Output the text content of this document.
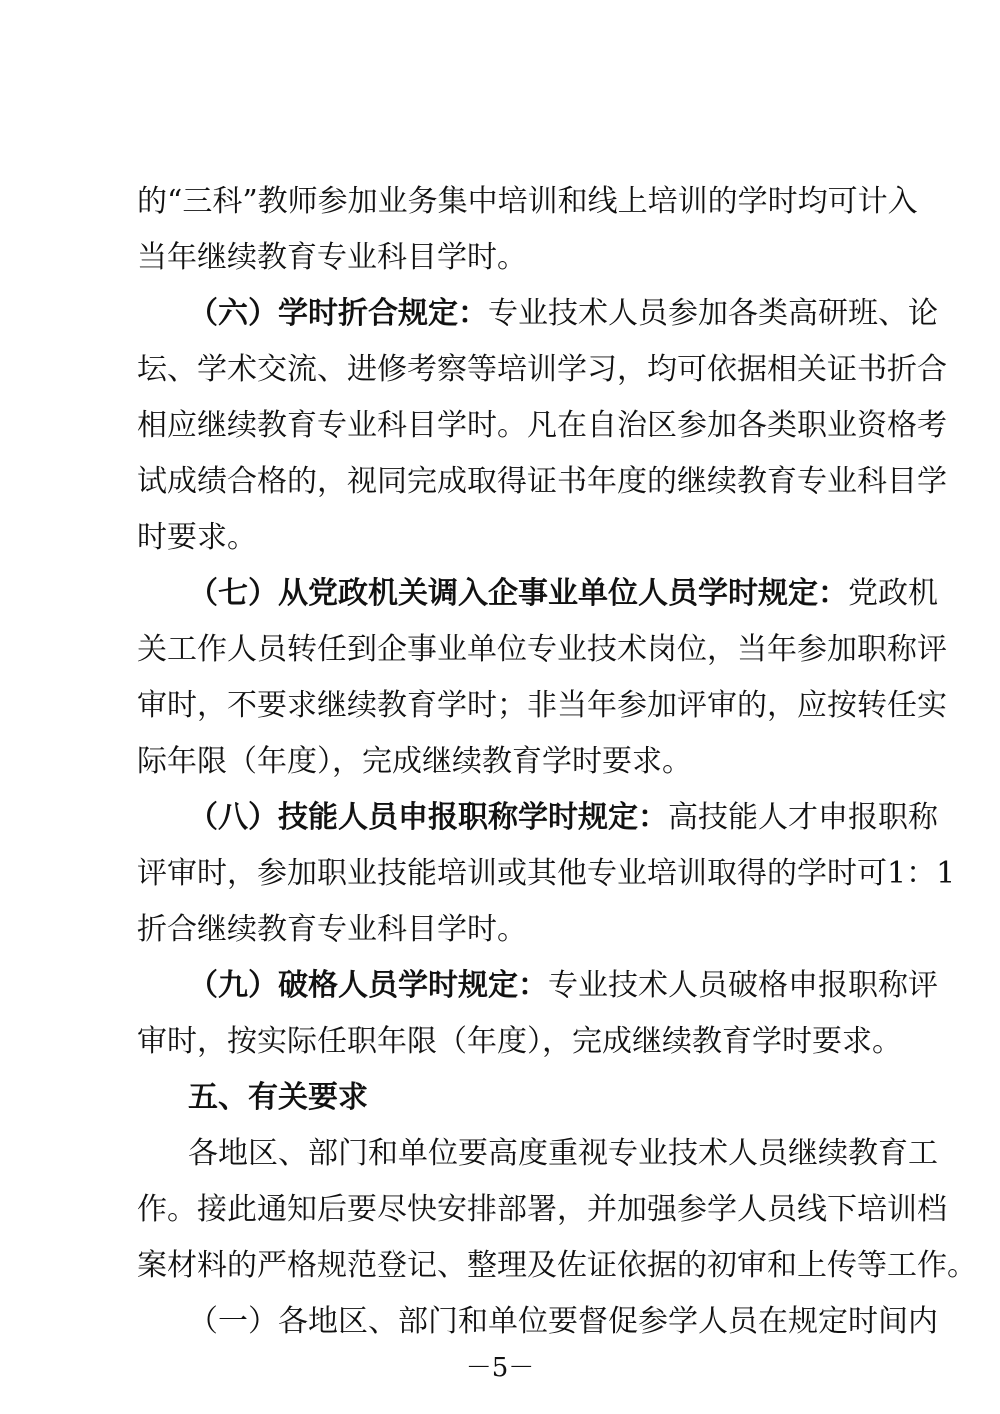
的“三科”教师参加业务集中培训和线上培训的学时均可计入
当年继续教育专业科目学时。
（六）学时折合规定：专业技术人员参加各类高研班、论
坛、学术交流、进修考察等培训学习，均可依据相关证书折合
相应继续教育专业科目学时。凡在自治区参加各类职业资格考
试成绩合格的，视同完成取得证书年度的继续教育专业科目学
时要求。
（七）从党政机关调入企事业单位人员学时规定：党政机
关工作人员转任到企事业单位专业技术岗位，当年参加职称评
审时，不要求继续教育学时；非当年参加评审的，应按转任实
际年限（年度），完成继续教育学时要求。
（八）技能人员申报职称学时规定：高技能人才申报职称
评审时，参加职业技能培训或其他专业培训取得的学时可1：1
折合继续教育专业科目学时。
（九）破格人员学时规定：专业技术人员破格申报职称评
审时，按实际任职年限（年度），完成继续教育学时要求。
五、有关要求
各地区、部门和单位要高度重视专业技术人员继续教育工
作。接此通知后要尽快安排部署，并加强参学人员线下培训档
案材料的严格规范登记、整理及佐证依据的初审和上传等工作。
（一）各地区、部门和单位要督促参学人员在规定时间内
－5－
